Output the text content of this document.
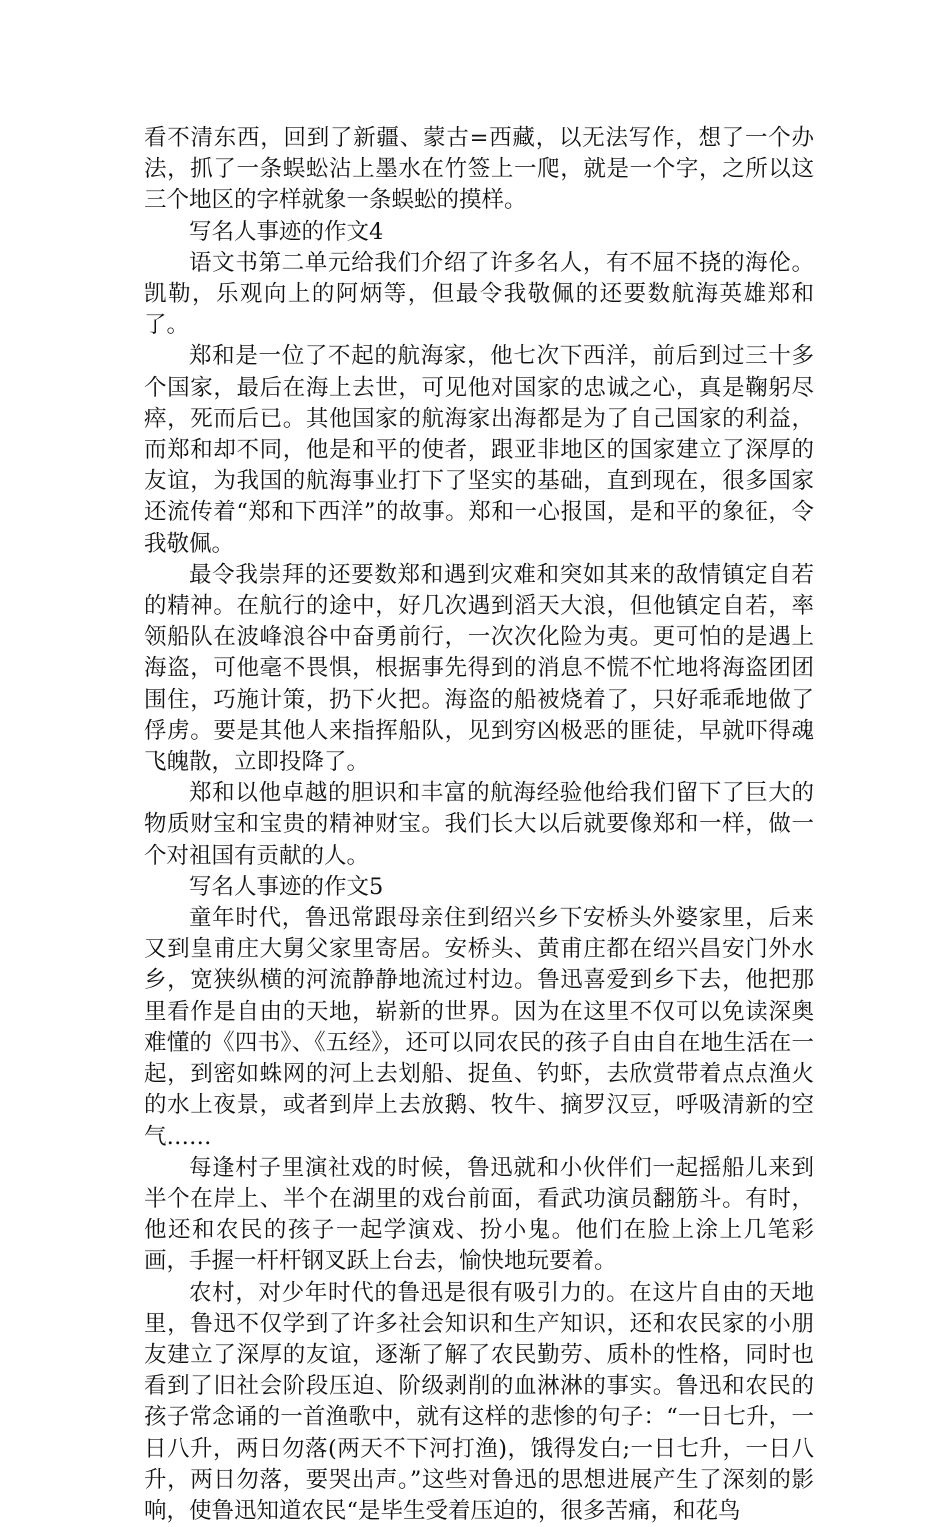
看不清东西，回到了新疆、蒙古=西藏，以无法写作，想了一个办法，抓了一条蜈蚣沾上墨水在竹签上一爬，就是一个字，之所以这三个地区的字样就象一条蜈蚣的摸样。

写名人事迹的作文4

语文书第二单元给我们介绍了许多名人，有不屈不挠的海伦。凯勒，乐观向上的阿炳等，但最令我敬佩的还要数航海英雄郑和了。

郑和是一位了不起的航海家，他七次下西洋，前后到过三十多个国家，最后在海上去世，可见他对国家的忠诚之心，真是鞠躬尽瘁，死而后已。其他国家的航海家出海都是为了自己国家的利益，而郑和却不同，他是和平的使者，跟亚非地区的国家建立了深厚的友谊，为我国的航海事业打下了坚实的基础，直到现在，很多国家还流传着“郑和下西洋”的故事。郑和一心报国，是和平的象征，令我敬佩。

最令我崇拜的还要数郑和遇到灾难和突如其来的敌情镇定自若的精神。在航行的途中，好几次遇到滔天大浪，但他镇定自若，率领船队在波峰浪谷中奋勇前行，一次次化险为夷。更可怕的是遇上海盗，可他毫不畏惧，根据事先得到的消息不慌不忙地将海盗团团围住，巧施计策，扔下火把。海盗的船被烧着了，只好乖乖地做了俘虏。要是其他人来指挥船队，见到穷凶极恶的匪徒，早就吓得魂飞魄散，立即投降了。

郑和以他卓越的胆识和丰富的航海经验他给我们留下了巨大的物质财宝和宝贵的精神财宝。我们长大以后就要像郑和一样，做一个对祖国有贡献的人。

写名人事迹的作文5

童年时代，鲁迅常跟母亲住到绍兴乡下安桥头外婆家里，后来又到皇甫庄大舅父家里寄居。安桥头、黄甫庄都在绍兴昌安门外水乡，宽狭纵横的河流静静地流过村边。鲁迅喜爱到乡下去，他把那里看作是自由的天地，崭新的世界。因为在这里不仅可以免读深奥难懂的《四书》、《五经》，还可以同农民的孩子自由自在地生活在一起，到密如蛛网的河上去划船、捉鱼、钓虾，去欣赏带着点点渔火的水上夜景，或者到岸上去放鹅、牧牛、摘罗汉豆，呼吸清新的空气……

每逢村子里演社戏的时候，鲁迅就和小伙伴们一起摇船儿来到半个在岸上、半个在湖里的戏台前面，看武功演员翻筋斗。有时，他还和农民的孩子一起学演戏、扮小鬼。他们在脸上涂上几笔彩画，手握一杆杆钢叉跃上台去，愉快地玩要着。

农村，对少年时代的鲁迅是很有吸引力的。在这片自由的天地里，鲁迅不仅学到了许多社会知识和生产知识，还和农民家的小朋友建立了深厚的友谊，逐渐了解了农民勤劳、质朴的性格，同时也看到了旧社会阶段压迫、阶级剥削的血淋淋的事实。鲁迅和农民的孩子常念诵的一首渔歌中，就有这样的悲惨的句子：“一日七升，一日八升，两日勿落(两天不下河打渔)，饿得发白;一日七升，一日八升，两日勿落，要哭出声。”这些对鲁迅的思想进展产生了深刻的影响，使鲁迅知道农民“是毕生受着压迫的，很多苦痛，和花鸟
